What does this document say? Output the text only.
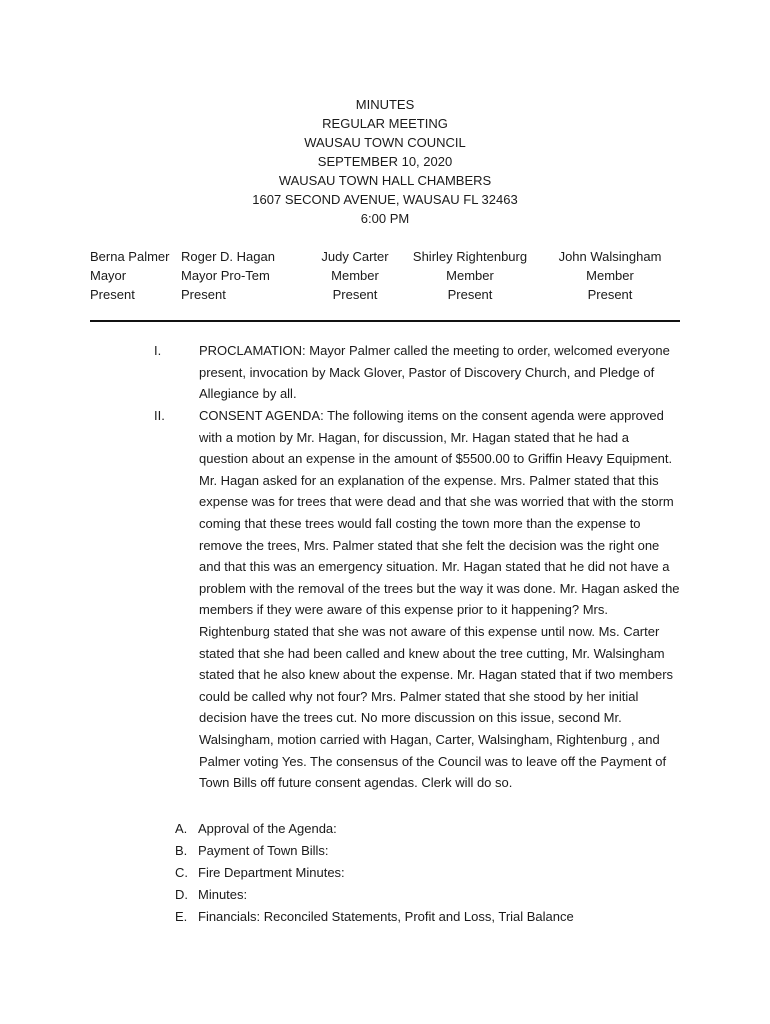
MINUTES
REGULAR MEETING
WAUSAU TOWN COUNCIL
SEPTEMBER 10, 2020
WAUSAU TOWN HALL CHAMBERS
1607 SECOND AVENUE, WAUSAU FL 32463
6:00 PM
Berna Palmer
Mayor
Present
Roger D. Hagan
Mayor Pro-Tem
Present
Judy Carter
Member
Present
Shirley Rightenburg
Member
Present
John Walsingham
Member
Present
I.	PROCLAMATION: Mayor Palmer called the meeting to order, welcomed everyone present, invocation by Mack Glover, Pastor of Discovery Church, and Pledge of Allegiance by all.
II.	CONSENT AGENDA: The following items on the consent agenda were approved with a motion by Mr. Hagan, for discussion, Mr. Hagan stated that he had a question about an expense in the amount of $5500.00 to Griffin Heavy Equipment. Mr. Hagan asked for an explanation of the expense. Mrs. Palmer stated that this expense was for trees that were dead and that she was worried that with the storm coming that these trees would fall costing the town more than the expense to remove the trees, Mrs. Palmer stated that she felt the decision was the right one and that this was an emergency situation. Mr. Hagan stated that he did not have a problem with the removal of the trees but the way it was done. Mr. Hagan asked the members if they were aware of this expense prior to it happening? Mrs. Rightenburg stated that she was not aware of this expense until now. Ms. Carter stated that she had been called and knew about the tree cutting, Mr. Walsingham stated that he also knew about the expense. Mr. Hagan stated that if two members could be called why not four? Mrs. Palmer stated that she stood by her initial decision have the trees cut. No more discussion on this issue, second Mr. Walsingham, motion carried with Hagan, Carter, Walsingham, Rightenburg , and Palmer voting Yes. The consensus of the Council was to leave off the Payment of Town Bills off future consent agendas. Clerk will do so.
A. Approval of the Agenda:
B. Payment of Town Bills:
C. Fire Department Minutes:
D. Minutes:
E. Financials: Reconciled Statements, Profit and Loss, Trial Balance
